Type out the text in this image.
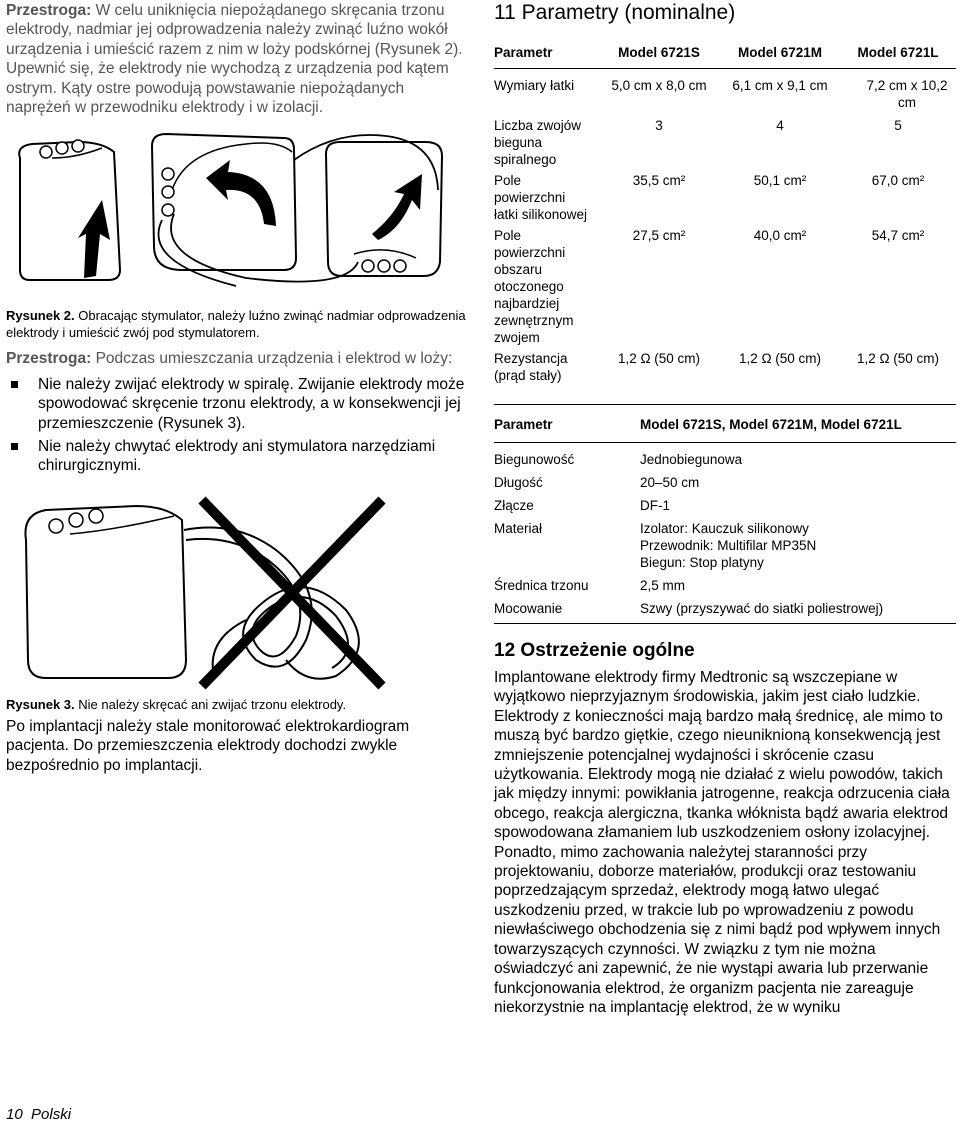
Przestroga: W celu uniknięcia niepożądanego skręcania trzonu elektrody, nadmiar jej odprowadzenia należy zwinąć luźno wokół urządzenia i umieścić razem z nim w loży podskórnej (Rysunek 2). Upewnić się, że elektrody nie wychodzą z urządzenia pod kątem ostrym. Kąty ostre powodują powstawanie niepożądanych naprężeń w przewodniku elektrody i w izolacji.

Rysunek 2. Obracając stymulator, należy luźno zwinąć nadmiar odprowadzenia elektrody i umieścić zwój pod stymulatorem.

Przestroga: Podczas umieszczania urządzenia i elektrod w loży:

Nie należy zwijać elektrody w spiralę. Zwijanie elektrody może spowodować skręcenie trzonu elektrody, a w konsekwencji jej przemieszczenie (Rysunek 3).
Nie należy chwytać elektrody ani stymulatora narzędziami chirurgicznymi.

Rysunek 3. Nie należy skręcać ani zwijać trzonu elektrody.

Po implantacji należy stale monitorować elektrokardiogram pacjenta. Do przemieszczenia elektrody dochodzi zwykle bezpośrednio po implantacji.

11 Parametry (nominalne)
Parametr	Model 6721S	Model 6721M	Model 6721L
Wymiary łatki	5,0 cm x 8,0 cm	6,1 cm x 9,1 cm	7,2 cm x 10,2 cm
Liczba zwojów bieguna spiralnego	3	4	5
Pole powierzchni łatki silikonowej	35,5 cm²	50,1 cm²	67,0 cm²
Pole powierzchni obszaru otoczonego najbardziej zewnętrznym zwojem	27,5 cm²	40,0 cm²	54,7 cm²
Rezystancja (prąd stały)	1,2 Ω (50 cm)	1,2 Ω (50 cm)	1,2 Ω (50 cm)

Parametr	Model 6721S, Model 6721M, Model 6721L
Biegunowość	Jednobiegunowa
Długość	20–50 cm
Złącze	DF-1
Materiał	Izolator: Kauczuk silikonowy
Przewodnik: Multifilar MP35N
Biegun: Stop platyny
Średnica trzonu	2,5 mm
Mocowanie	Szwy (przyszywać do siatki poliestrowej)

12 Ostrzeżenie ogólne

Implantowane elektrody firmy Medtronic są wszczepiane w wyjątkowo nieprzyjaznym środowiskia, jakim jest ciało ludzkie. Elektrody z konieczności mają bardzo małą średnicę, ale mimo to muszą być bardzo giętkie, czego nieuniknioną konsekwencją jest zmniejszenie potencjalnej wydajności i skrócenie czasu użytkowania. Elektrody mogą nie działać z wielu powodów, takich jak między innymi: powikłania jatrogenne, reakcja odrzucenia ciała obcego, reakcja alergiczna, tkanka włóknista bądź awaria elektrod spowodowana złamaniem lub uszkodzeniem osłony izolacyjnej. Ponadto, mimo zachowania należytej staranności przy projektowaniu, doborze materiałów, produkcji oraz testowaniu poprzedzającym sprzedaż, elektrody mogą łatwo ulegać uszkodzeniu przed, w trakcie lub po wprowadzeniu z powodu niewłaściwego obchodzenia się z nimi bądź pod wpływem innych towarzyszących czynności. W związku z tym nie można oświadczyć ani zapewnić, że nie wystąpi awaria lub przerwanie funkcjonowania elektrod, że organizm pacjenta nie zareaguje niekorzystnie na implantację elektrod, że w wyniku

10 Polski
